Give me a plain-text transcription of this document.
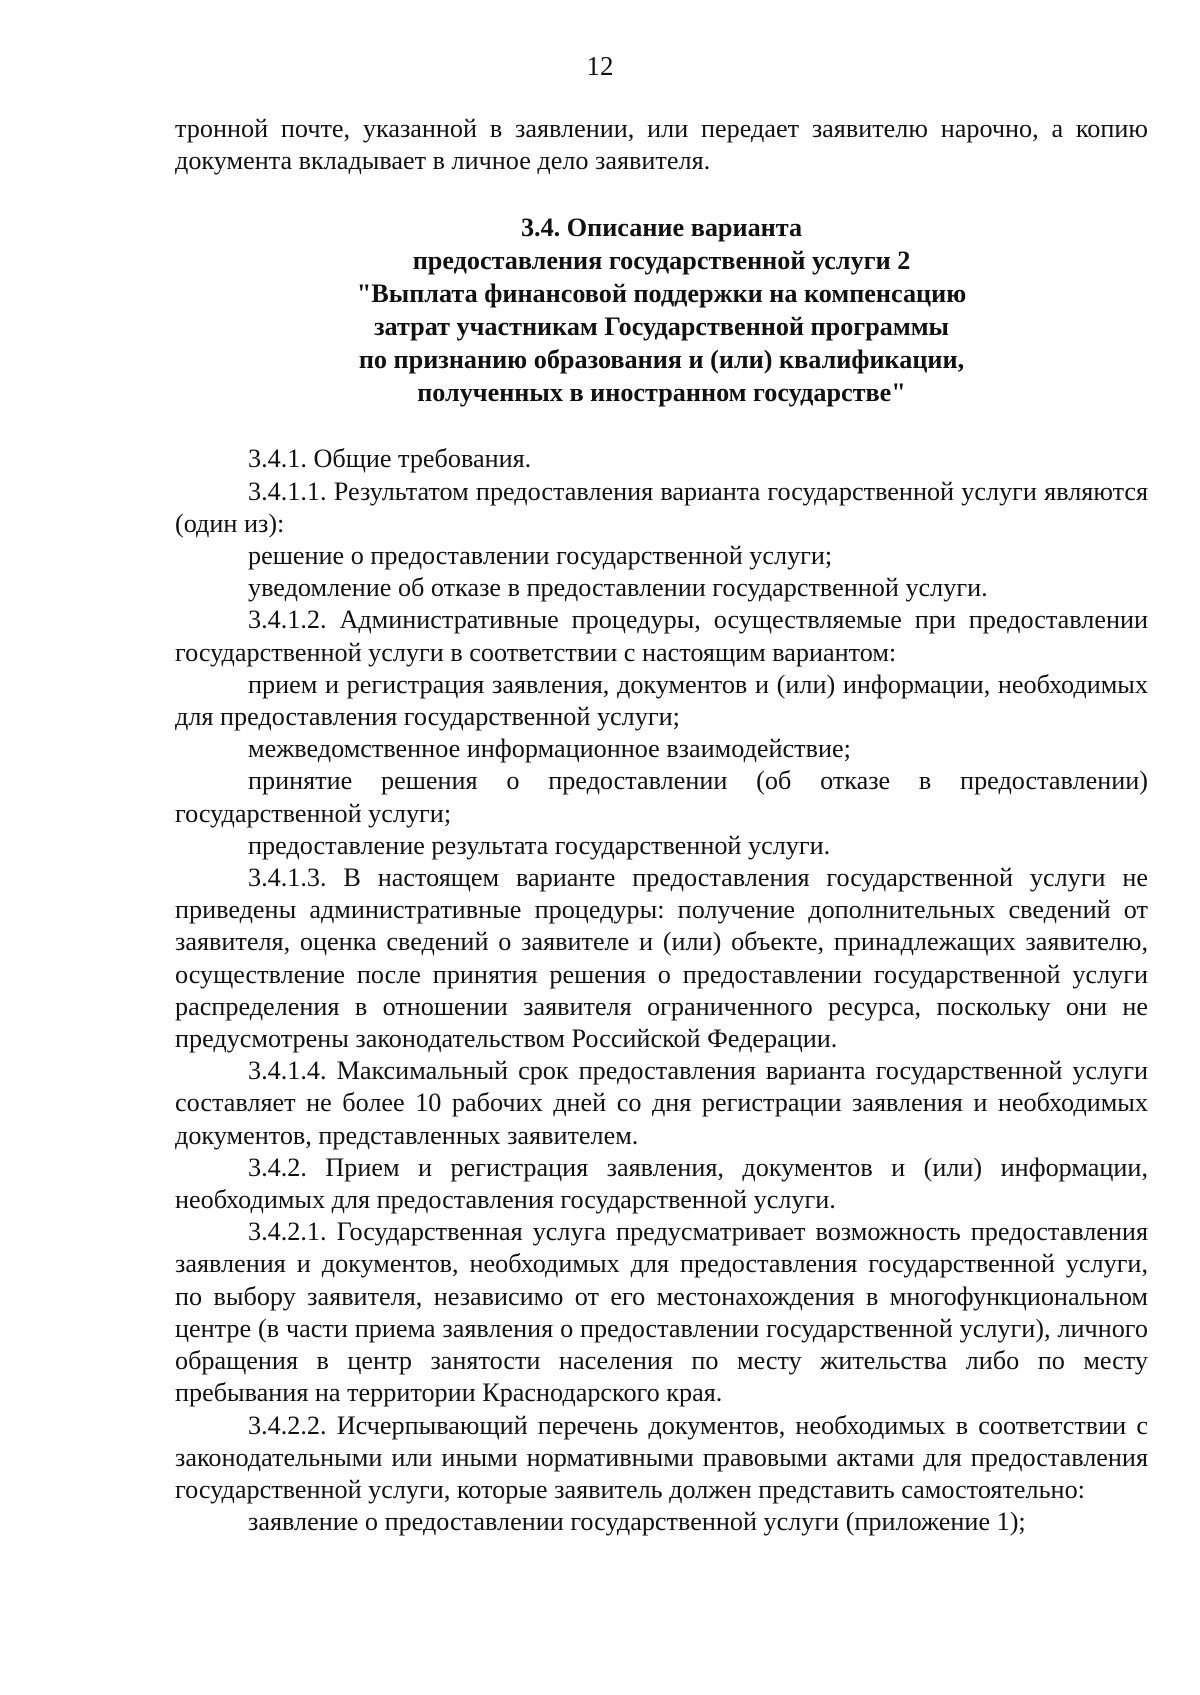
12

тронной почте, указанной в заявлении, или передает заявителю нарочно, а копию документа вкладывает в личное дело заявителя.

3.4. Описание варианта
предоставления государственной услуги 2
"Выплата финансовой поддержки на компенсацию
затрат участникам Государственной программы
по признанию образования и (или) квалификации,
полученных в иностранном государстве"

3.4.1. Общие требования.

3.4.1.1. Результатом предоставления варианта государственной услуги являются (один из):

решение о предоставлении государственной услуги;

уведомление об отказе в предоставлении государственной услуги.

3.4.1.2. Административные процедуры, осуществляемые при предоставлении государственной услуги в соответствии с настоящим вариантом:

прием и регистрация заявления, документов и (или) информации, необходимых для предоставления государственной услуги;

межведомственное информационное взаимодействие;

принятие решения о предоставлении (об отказе в предоставлении) государственной услуги;

предоставление результата государственной услуги.

3.4.1.3. В настоящем варианте предоставления государственной услуги не приведены административные процедуры: получение дополнительных сведений от заявителя, оценка сведений о заявителе и (или) объекте, принадлежащих заявителю, осуществление после принятия решения о предоставлении государственной услуги распределения в отношении заявителя ограниченного ресурса, поскольку они не предусмотрены законодательством Российской Федерации.

3.4.1.4. Максимальный срок предоставления варианта государственной услуги составляет не более 10 рабочих дней со дня регистрации заявления и необходимых документов, представленных заявителем.

3.4.2. Прием и регистрация заявления, документов и (или) информации, необходимых для предоставления государственной услуги.

3.4.2.1. Государственная услуга предусматривает возможность предоставления заявления и документов, необходимых для предоставления государственной услуги, по выбору заявителя, независимо от его местонахождения в многофункциональном центре (в части приема заявления о предоставлении государственной услуги), личного обращения в центр занятости населения по месту жительства либо по месту пребывания на территории Краснодарского края.

3.4.2.2. Исчерпывающий перечень документов, необходимых в соответствии с законодательными или иными нормативными правовыми актами для предоставления государственной услуги, которые заявитель должен представить самостоятельно:

заявление о предоставлении государственной услуги (приложение 1);
